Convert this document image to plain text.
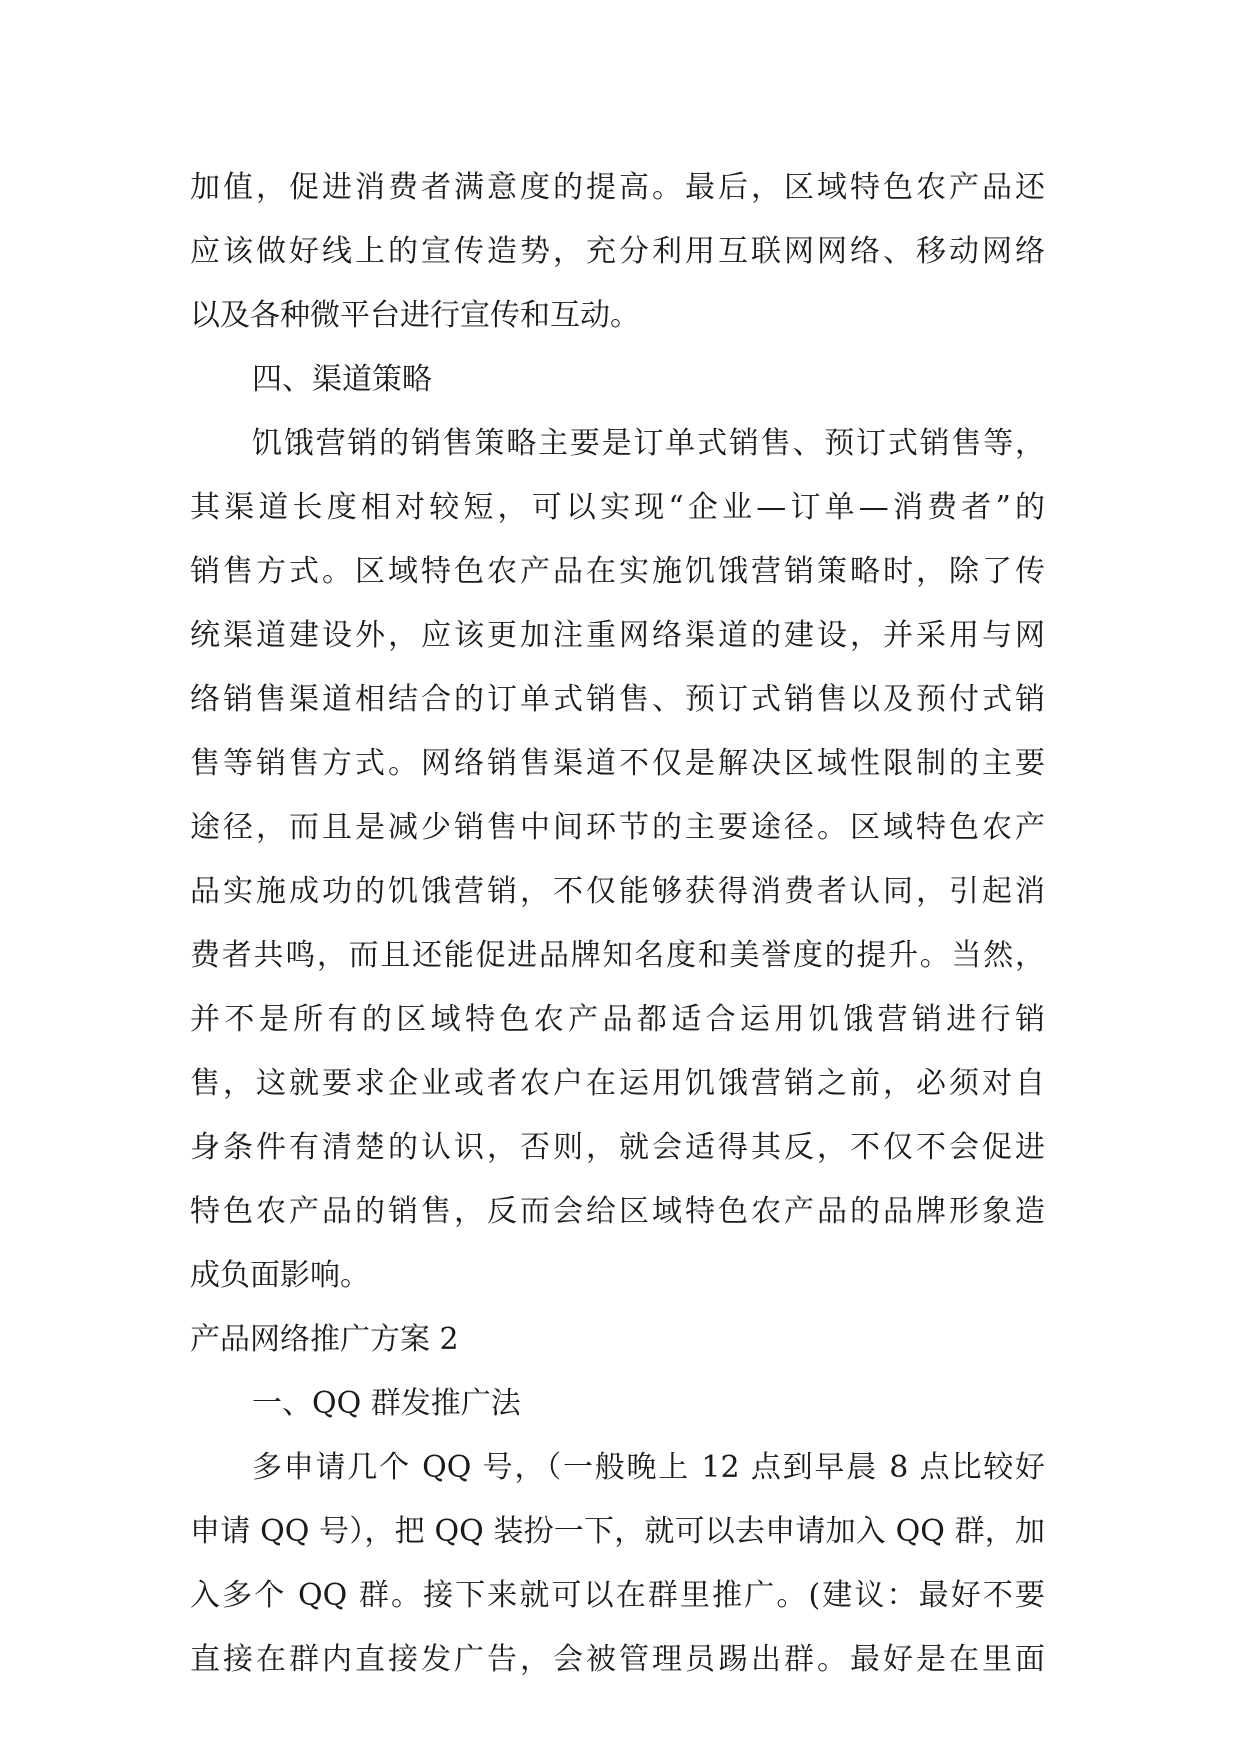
加值，促进消费者满意度的提高。最后，区域特色农产品还
应该做好线上的宣传造势，充分利用互联网网络、移动网络
以及各种微平台进行宣传和互动。
四、渠道策略
饥饿营销的销售策略主要是订单式销售、预订式销售等，
其渠道长度相对较短，可以实现“企业—订单—消费者”的
销售方式。区域特色农产品在实施饥饿营销策略时，除了传
统渠道建设外，应该更加注重网络渠道的建设，并采用与网
络销售渠道相结合的订单式销售、预订式销售以及预付式销
售等销售方式。网络销售渠道不仅是解决区域性限制的主要
途径，而且是减少销售中间环节的主要途径。区域特色农产
品实施成功的饥饿营销，不仅能够获得消费者认同，引起消
费者共鸣，而且还能促进品牌知名度和美誉度的提升。当然，
并不是所有的区域特色农产品都适合运用饥饿营销进行销
售，这就要求企业或者农户在运用饥饿营销之前，必须对自
身条件有清楚的认识，否则，就会适得其反，不仅不会促进
特色农产品的销售，反而会给区域特色农产品的品牌形象造
成负面影响。
产品网络推广方案 2
一、QQ 群发推广法
多申请几个 QQ 号，（一般晚上 12 点到早晨 8 点比较好
申请 QQ 号），把 QQ 装扮一下，就可以去申请加入 QQ 群，加
入多个 QQ 群。接下来就可以在群里推广。(建议：最好不要
直接在群内直接发广告，会被管理员踢出群。最好是在里面
